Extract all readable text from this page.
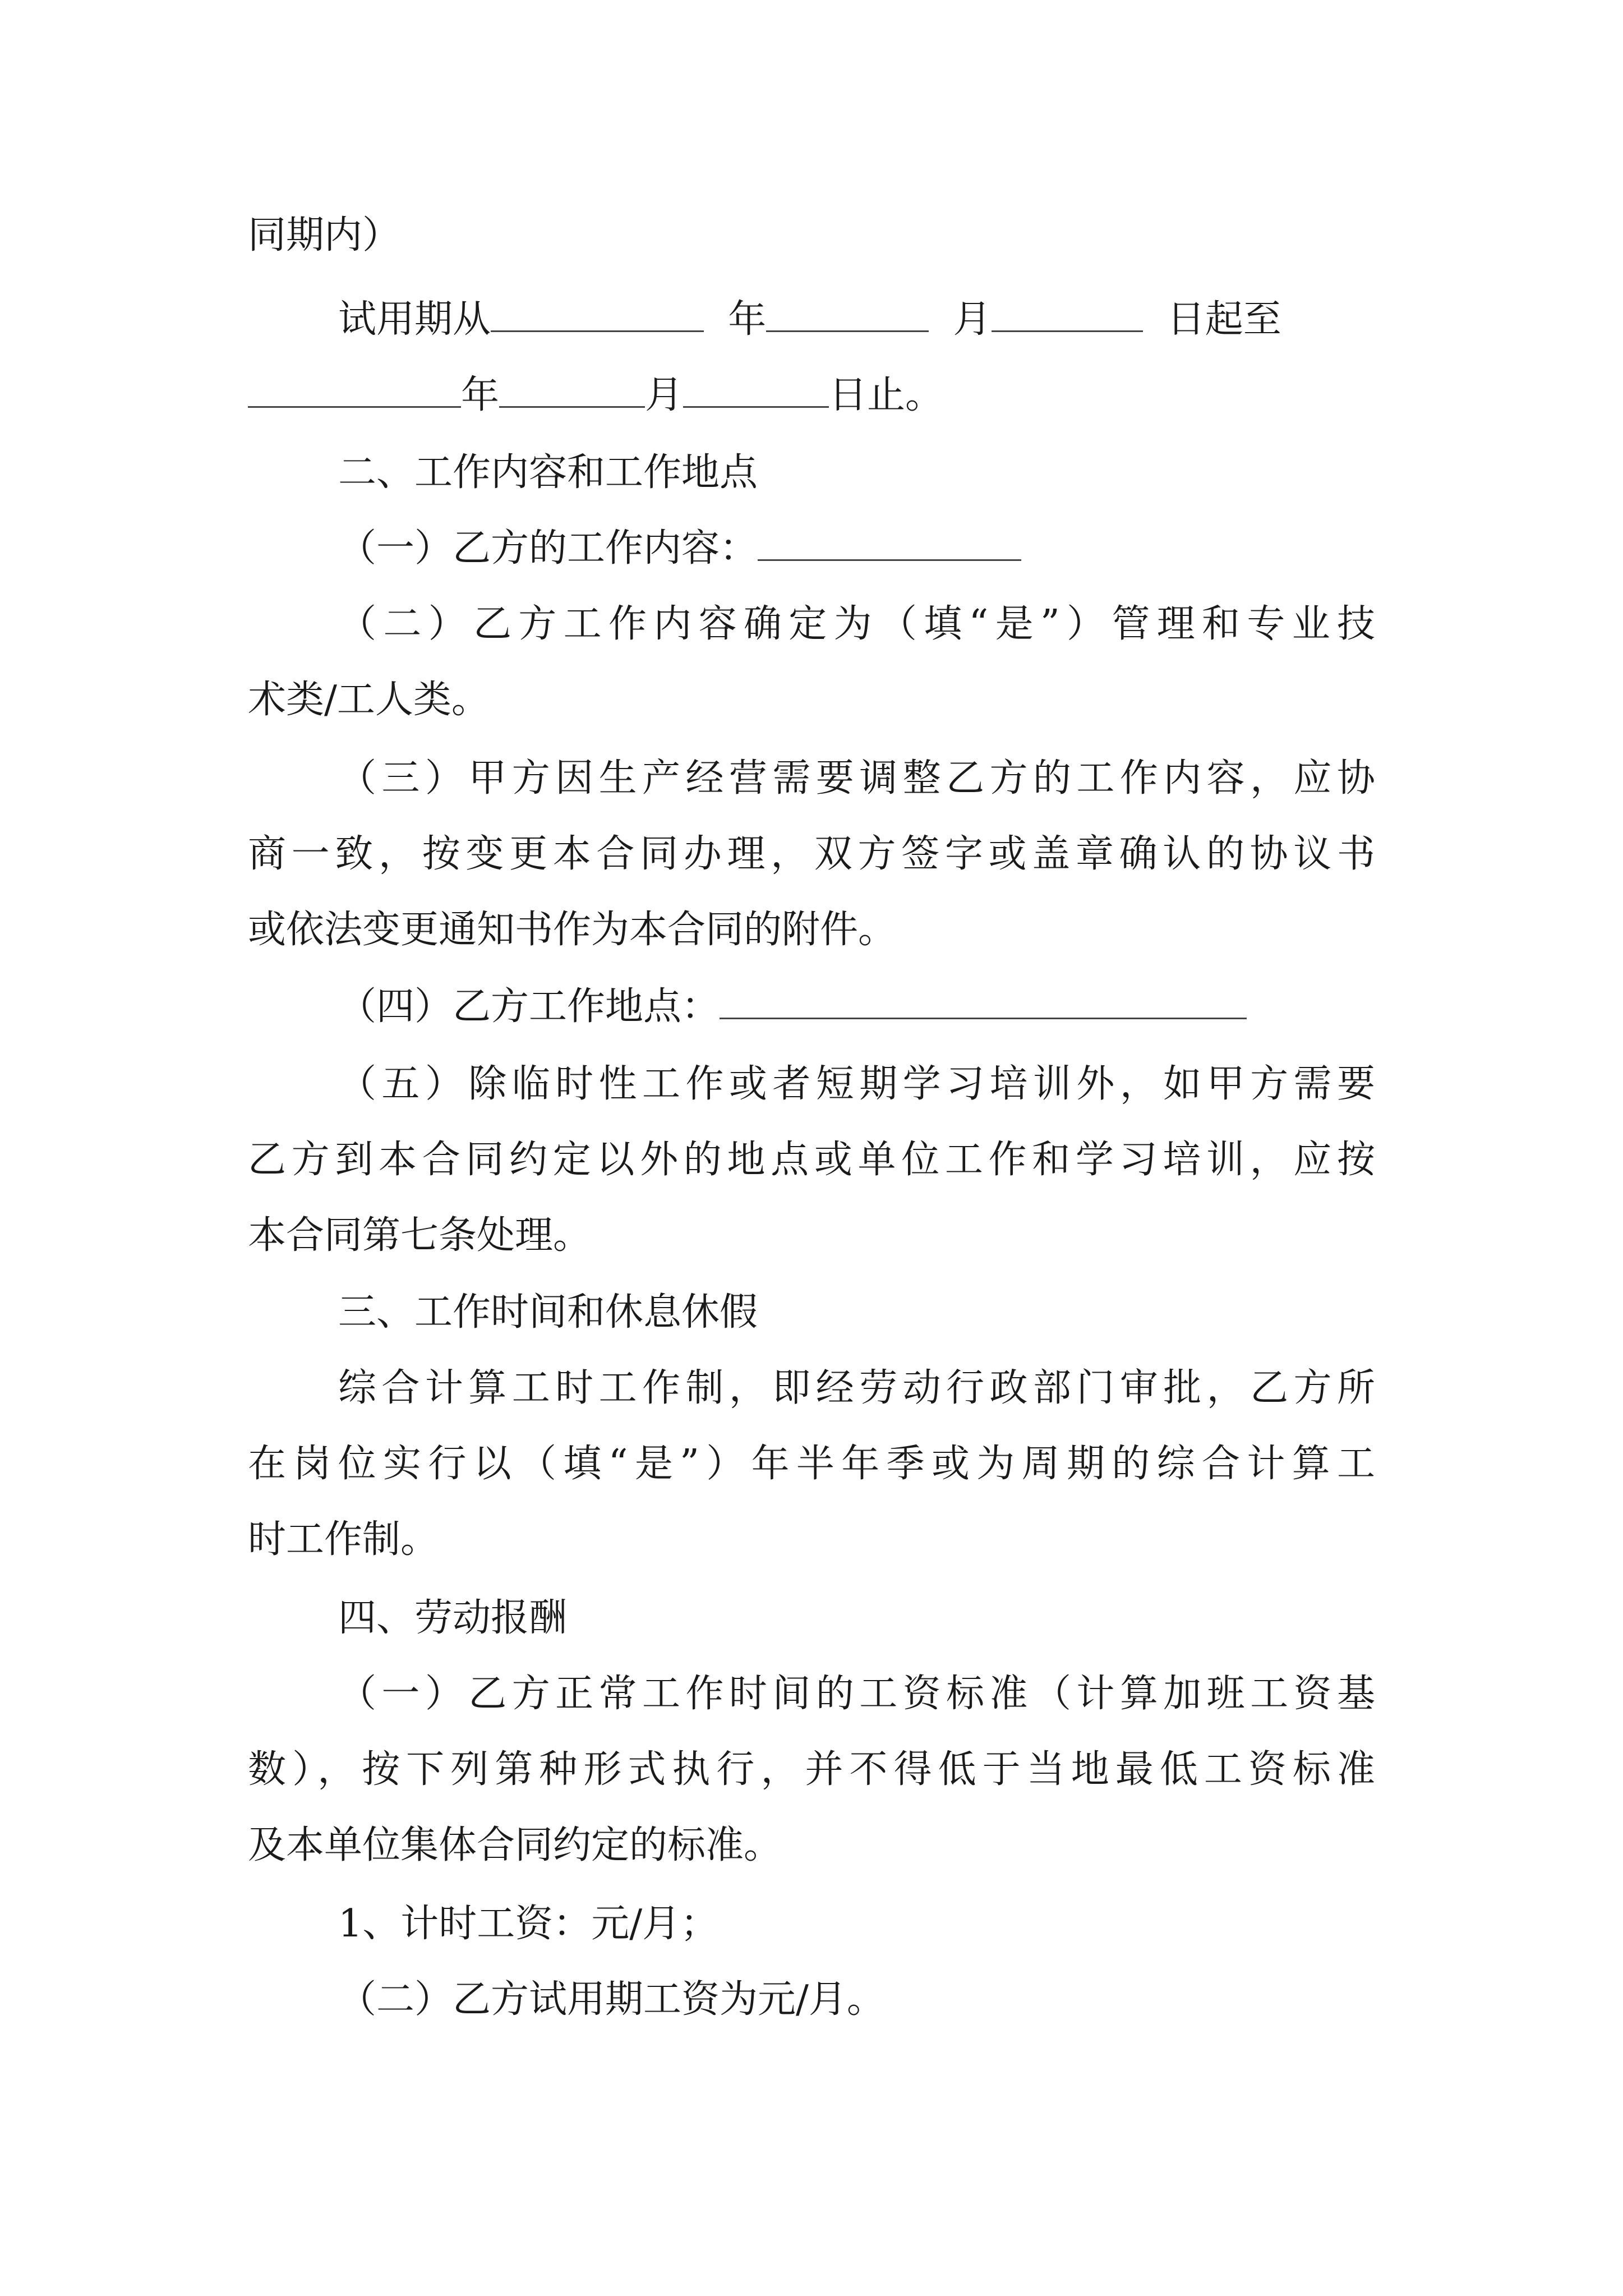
同期内）
试用期从	年	月	日起至
年	月	日止。
二、工作内容和工作地点
（一）乙方的工作内容：
（二）乙方工作内容确定为（填“是”）管理和专业技
术类/工人类。
（三）甲方因生产经营需要调整乙方的工作内容，应协
商一致，按变更本合同办理，双方签字或盖章确认的协议书
或依法变更通知书作为本合同的附件。
（四）乙方工作地点：
（五）除临时性工作或者短期学习培训外，如甲方需要
乙方到本合同约定以外的地点或单位工作和学习培训，应按
本合同第七条处理。
三、工作时间和休息休假
综合计算工时工作制，即经劳动行政部门审批，乙方所
在岗位实行以（填“是”）年半年季或为周期的综合计算工
时工作制。
四、劳动报酬
（一）乙方正常工作时间的工资标准（计算加班工资基
数），按下列第种形式执行，并不得低于当地最低工资标准
及本单位集体合同约定的标准。
1、计时工资：元/月；
（二）乙方试用期工资为元/月。
